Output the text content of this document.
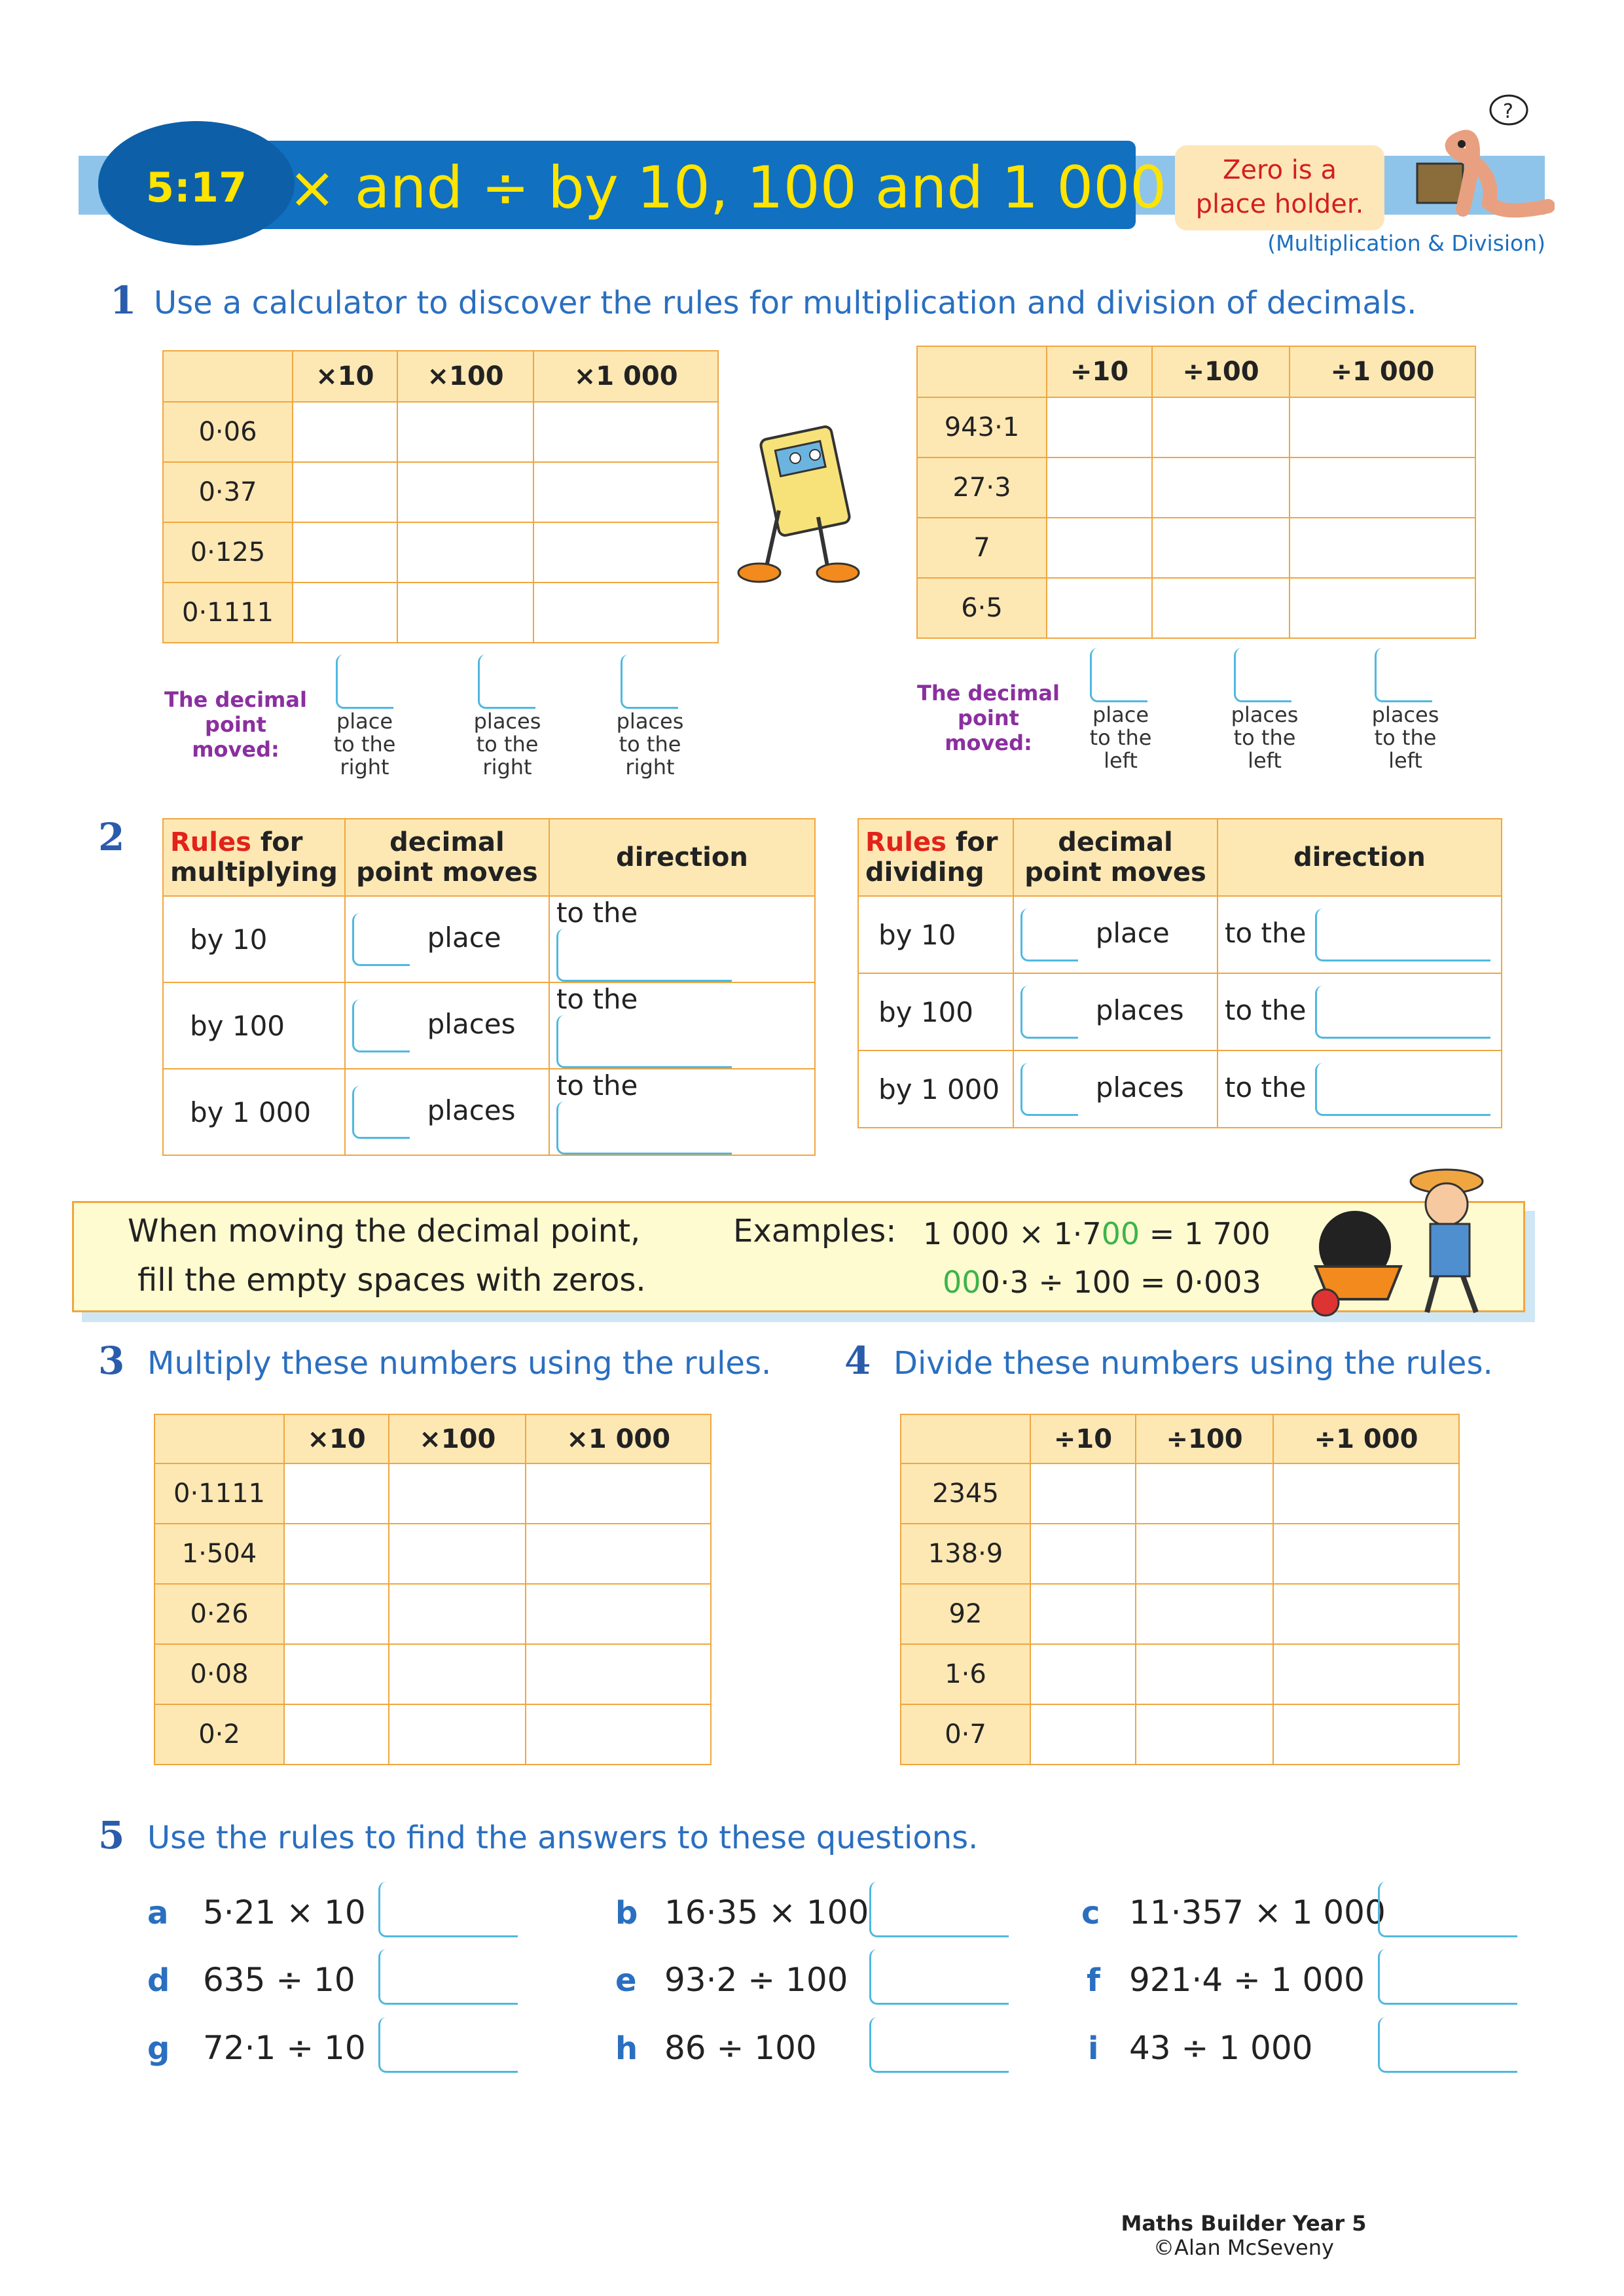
5:17 × and ÷ by 10, 100 and 1 000	Zero is a
place holder.
?
(Multiplication & Division)
1 Use a calculator to discover the rules for multiplication and division of decimals.
	×10	×100	×1 000
0·06			
0·37			
0·125			
0·1111			
	÷10	÷100	÷1 000
943·1			
27·3			
7			
6·5			
The decimal
point moved:
place
to the
right
places
to the
right
places
to the
right
The decimal
point moved:
place
to the
left
places
to the
left
places
to the
left
2 Rules for
multiplying	decimal
point moves	direction
by 10	place	to the
by 100	places	to the
by 1 000	places	to the
Rules for
dividing	decimal
point moves	direction
by 10	place	to the
by 100	places	to the
by 1 000	places	to the
When moving the decimal point,
fill the empty spaces with zeros.
Examples: 1 000 × 1·700 = 1 700
000·3 ÷ 100 = 0·003
3 Multiply these numbers using the rules.
	×10	×100	×1 000
0·1111			
1·504			
0·26			
0·08			
0·2			
4 Divide these numbers using the rules.
	÷10	÷100	÷1 000
2345			
138·9			
92			
1·6			
0·7			
5 Use the rules to find the answers to these questions.
a 5·21 × 10	b 16·35 × 100	c 11·357 × 1 000
d 635 ÷ 10	e 93·2 ÷ 100	f 921·4 ÷ 1 000
g 72·1 ÷ 10	h 86 ÷ 100	i 43 ÷ 1 000
Maths Builder Year 5
©Alan McSeveny
